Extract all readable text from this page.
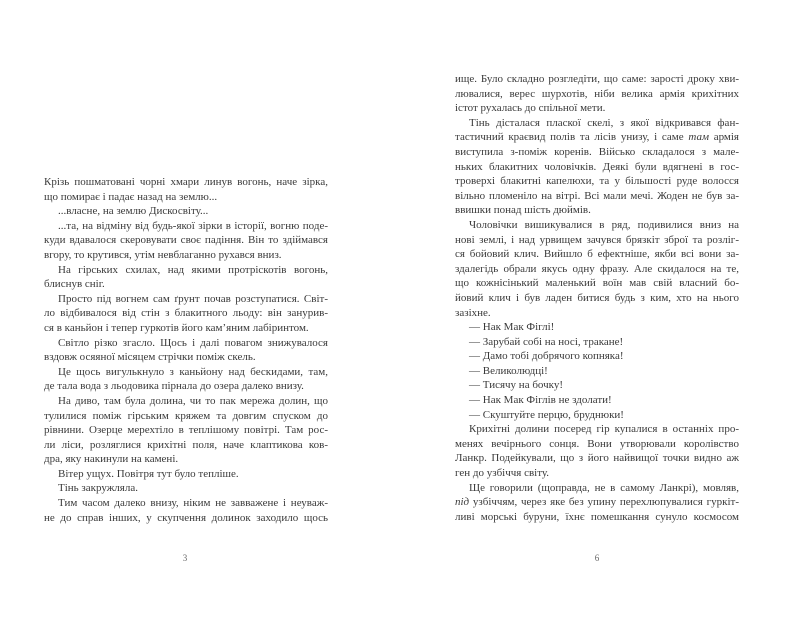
Крізь пошматовані чорні хмари линув вогонь, наче зірка,
що помирає і падає назад на землю...
...власне, на землю Дискосвіту...
...та, на відміну від будь-якої зірки в історії, вогню поде-
куди вдавалося скеровувати своє падіння. Він то здіймався
вгору, то крутився, утім невблаганно рухався вниз.
На гірських схилах, над якими протріскотів вогонь,
блиснув сніг.
Просто під вогнем сам ґрунт почав розступатися. Світ-
ло відбивалося від стін з блакитного льоду: він занурив-
ся в каньйон і тепер гуркотів його кам’яним лабіринтом.
Світло різко згасло. Щось і далі повагом знижувалося
вздовж осяяної місяцем стрічки поміж скель.
Це щось вигулькнуло з каньйону над бескидами, там,
де тала вода з льодовика пірнала до озера далеко внизу.
На диво, там була долина, чи то пак мережа долин, що
тулилися поміж гірським кряжем та довгим спуском до
рівнини. Озерце мерехтіло в теплішому повітрі. Там рос-
ли ліси, розляглися крихітні поля, наче клаптикова ков-
дра, яку накинули на камені.
Вітер ущух. Повітря тут було тепліше.
Тінь закружляла.
Тим часом далеко внизу, ніким не завважене і неуваж-
не до справ інших, у скупчення долинок заходило щось
ище. Було складно розгледіти, що саме: зарості дроку хви-
лювалися, верес шурхотів, ніби велика армія крихітних
істот рухалась до спільної мети.
Тінь дісталася пласкої скелі, з якої відкривався фан-
тастичний краєвид полів та лісів унизу, і саме там армія
виступила з-поміж коренів. Військо складалося з мале-
ньких блакитних чоловічків. Деякі були вдягнені в гос-
троверхі блакитні капелюхи, та у більшості руде волосся
вільно пломеніло на вітрі. Всі мали мечі. Жоден не був за-
ввишки понад шість дюймів.
Чоловічки вишикувалися в ряд, подивилися вниз на
нові землі, і над урвищем зачувся брязкіт зброї та розліг-
ся бойовий клич. Вийшло б ефектніше, якби всі вони за-
здалегідь обрали якусь одну фразу. Але скидалося на те,
що кожнісінький маленький воїн мав свій власний бо-
йовий клич і був ладен битися будь з ким, хто на нього
зазіхне.
— Нак Мак Фіглі!
— Зарубай собі на носі, тракане!
— Дамо тобі добрячого копняка!
— Великолюдці!
— Тисячу на бочку!
— Нак Мак Фіглів не здолати!
— Скуштуйте перцю, бруднюки!
Крихітні долини посеред гір купалися в останніх про-
менях вечірнього сонця. Вони утворювали королівство
Ланкр. Подейкували, що з його найвищої точки видно аж
ген до узбіччя світу.
Ще говорили (щоправда, не в самому Ланкрі), мовляв,
під узбіччям, через яке без упину перехлюпувалися гуркіт-
ливі морські буруни, їхнє помешкання сунуло космосом
3	6
